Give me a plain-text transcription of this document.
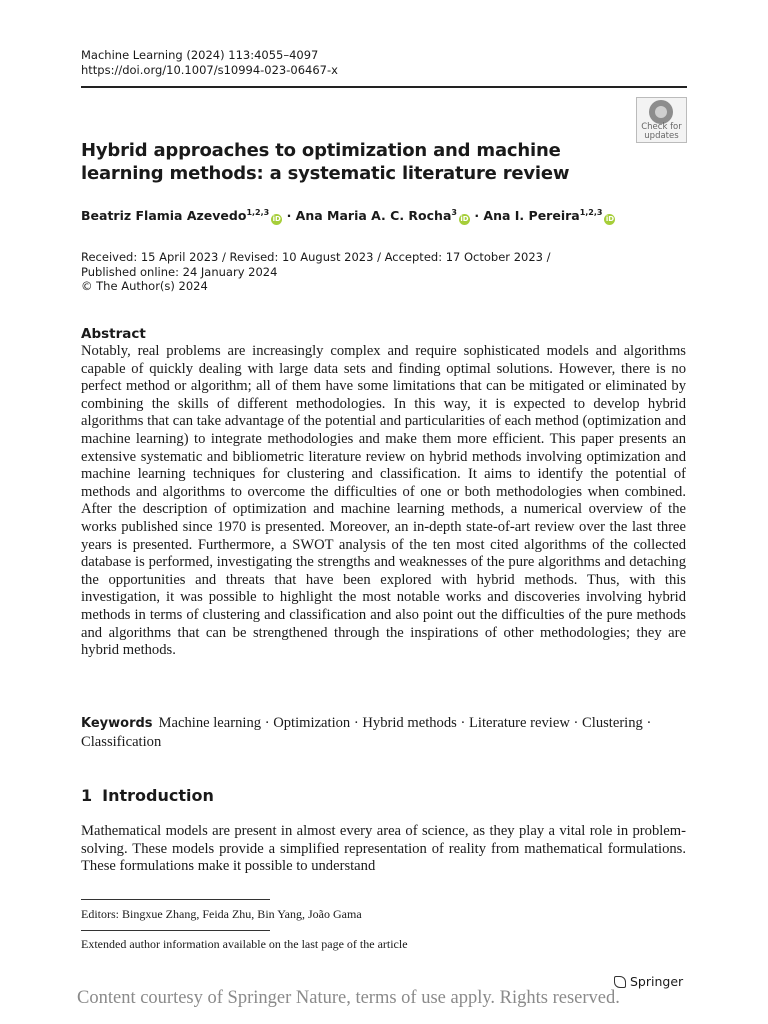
Machine Learning (2024) 113:4055–4097
https://doi.org/10.1007/s10994-023-06467-x
Check for
updates
Hybrid approaches to optimization and machine learning methods: a systematic literature review
Beatriz Flamia Azevedo$^{1,2,3}$iD · Ana Maria A. C. Rocha$^3$iD · Ana I. Pereira$^{1,2,3}$iD
Received: 15 April 2023 / Revised: 10 August 2023 / Accepted: 17 October 2023 /
Published online: 24 January 2024
© The Author(s) 2024
Abstract
Notably, real problems are increasingly complex and require sophisticated models and algorithms capable of quickly dealing with large data sets and finding optimal solutions. However, there is no perfect method or algorithm; all of them have some limitations that can be mitigated or eliminated by combining the skills of different methodologies. In this way, it is expected to develop hybrid algorithms that can take advantage of the potential and particularities of each method (optimization and machine learning) to integrate methodologies and make them more efficient. This paper presents an extensive systematic and bibliometric literature review on hybrid methods involving optimization and machine learning techniques for clustering and classification. It aims to identify the potential of methods and algorithms to overcome the difficulties of one or both methodologies when combined. After the description of optimization and machine learning methods, a numerical overview of the works published since 1970 is presented. Moreover, an in-depth state-of-art review over the last three years is presented. Furthermore, a SWOT analysis of the ten most cited algorithms of the collected database is performed, investigating the strengths and weaknesses of the pure algorithms and detaching the opportunities and threats that have been explored with hybrid methods. Thus, with this investigation, it was possible to highlight the most notable works and discoveries involving hybrid methods in terms of clustering and classification and also point out the difficulties of the pure methods and algorithms that can be strengthened through the inspirations of other methodologies; they are hybrid methods.
Keywords Machine learning · Optimization · Hybrid methods · Literature review · Clustering · Classification
1 Introduction
Mathematical models are present in almost every area of science, as they play a vital role in problem-solving. These models provide a simplified representation of reality from mathematical formulations. These formulations make it possible to understand
Editors: Bingxue Zhang, Feida Zhu, Bin Yang, João Gama
Extended author information available on the last page of the article
Springer
Content courtesy of Springer Nature, terms of use apply. Rights reserved.
